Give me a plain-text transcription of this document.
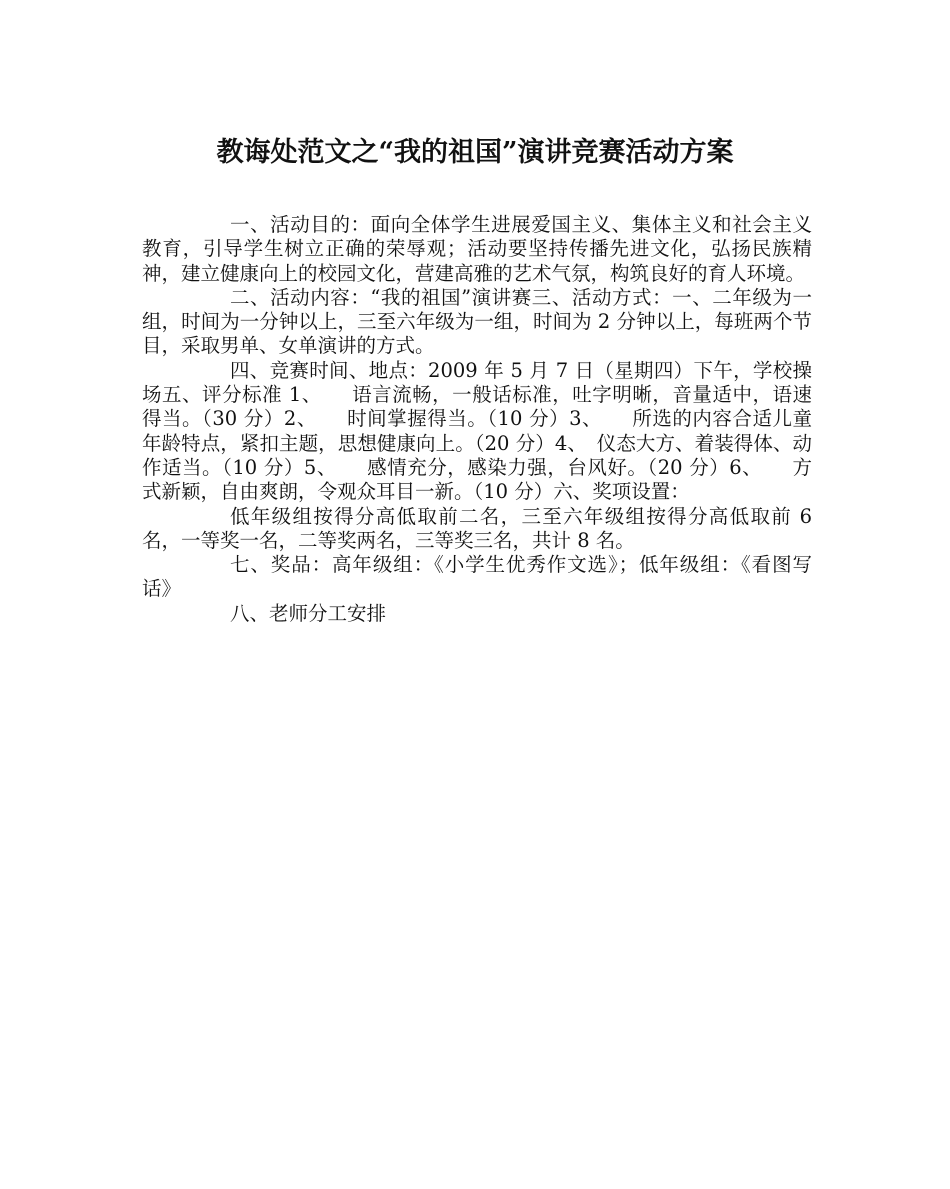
教诲处范文之“我的祖国”演讲竞赛活动方案

一、活动目的：面向全体学生进展爱国主义、集体主义和社会主义教育，引导学生树立正确的荣辱观；活动要坚持传播先进文化，弘扬民族精神，建立健康向上的校园文化，营建高雅的艺术气氛，构筑良好的育人环境。

二、活动内容：“我的祖国”演讲赛三、活动方式：一、二年级为一组，时间为一分钟以上，三至六年级为一组，时间为 2 分钟以上，每班两个节目，采取男单、女单演讲的方式。

四、竞赛时间、地点：2009 年 5 月 7 日（星期四）下午，学校操场五、评分标准 1、　　语言流畅，一般话标准，吐字明晰，音量适中，语速得当。（30 分）2、　　时间掌握得当。（10 分）3、　　所选的内容合适儿童年龄特点，紧扣主题，思想健康向上。（20 分）4、　仪态大方、着装得体、动作适当。（10 分）5、　　感情充分，感染力强，台风好。（20 分）6、　　方式新颖，自由爽朗，令观众耳目一新。（10 分）六、奖项设置：

低年级组按得分高低取前二名，三至六年级组按得分高低取前 6 名，一等奖一名，二等奖两名，三等奖三名，共计 8 名。

七、奖品：高年级组：《小学生优秀作文选》；低年级组：《看图写话》

八、老师分工安排
